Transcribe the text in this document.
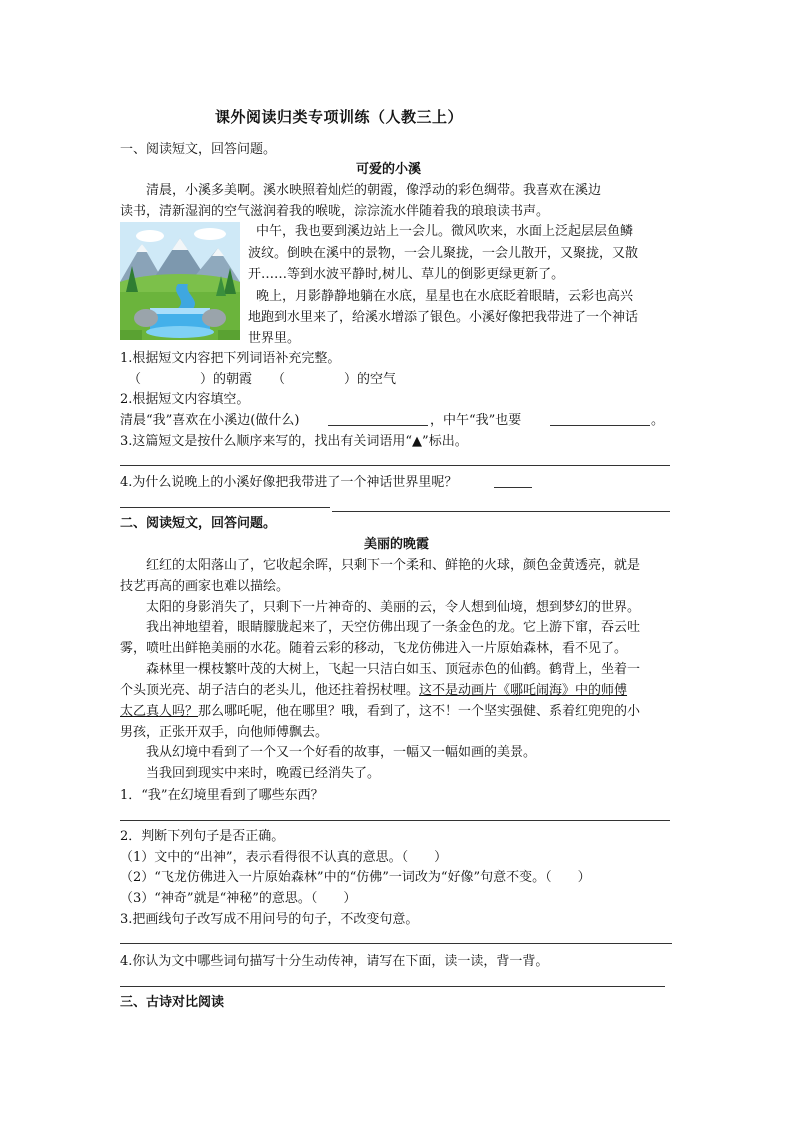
课外阅读归类专项训练（人教三上）
一、阅读短文，回答问题。
可爱的小溪
清晨，小溪多美啊。溪水映照着灿烂的朝霞，像浮动的彩色绸带。我喜欢在溪边
读书，清新湿润的空气滋润着我的喉咙，淙淙流水伴随着我的琅琅读书声。
中午，我也要到溪边站上一会儿。微风吹来，水面上泛起层层鱼鳞
波纹。倒映在溪中的景物，一会儿聚拢，一会儿散开，又聚拢，又散
开……等到水波平静时,树儿、草儿的倒影更绿更新了。
晚上，月影静静地躺在水底，星星也在水底眨着眼睛，云彩也高兴
地跑到水里来了，给溪水增添了银色。小溪好像把我带进了一个神话
世界里。
1.根据短文内容把下列词语补充完整。
（	）的朝霞 （	）的空气
2.根据短文内容填空。
清晨“我”喜欢在小溪边(做什么)	，中午“我”也要	。
3.这篇短文是按什么顺序来写的，找出有关词语用“▲”标出。
4.为什么说晚上的小溪好像把我带进了一个神话世界里呢？
二、阅读短文，回答问题。
美丽的晚霞
红红的太阳落山了，它收起余晖，只剩下一个柔和、鲜艳的火球，颜色金黄透亮，就是
技艺再高的画家也难以描绘。
太阳的身影消失了，只剩下一片神奇的、美丽的云，令人想到仙境，想到梦幻的世界。
我出神地望着，眼睛朦胧起来了，天空仿佛出现了一条金色的龙。它上游下窜，吞云吐
雾，喷吐出鲜艳美丽的水花。随着云彩的移动，飞龙仿佛进入一片原始森林，看不见了。
森林里一棵枝繁叶茂的大树上，飞起一只洁白如玉、顶冠赤色的仙鹤。鹤背上，坐着一
个头顶光亮、胡子洁白的老头儿，他还拄着拐杖哩。这不是动画片《哪吒闹海》中的师傅
太乙真人吗？那么哪吒呢，他在哪里？哦，看到了，这不！一个坚实强健、系着红兜兜的小
男孩，正张开双手，向他师傅飘去。
我从幻境中看到了一个又一个好看的故事，一幅又一幅如画的美景。
当我回到现实中来时，晚霞已经消失了。
1．“我”在幻境里看到了哪些东西？
2．判断下列句子是否正确。
（1）文中的“出神”，表示看得很不认真的意思。（　　）
（2）“飞龙仿佛进入一片原始森林”中的“仿佛”一词改为“好像”句意不变。（　　）
（3）“神奇”就是“神秘”的意思。（　　）
3.把画线句子改写成不用问号的句子，不改变句意。
4.你认为文中哪些词句描写十分生动传神，请写在下面，读一读，背一背。
三、古诗对比阅读
